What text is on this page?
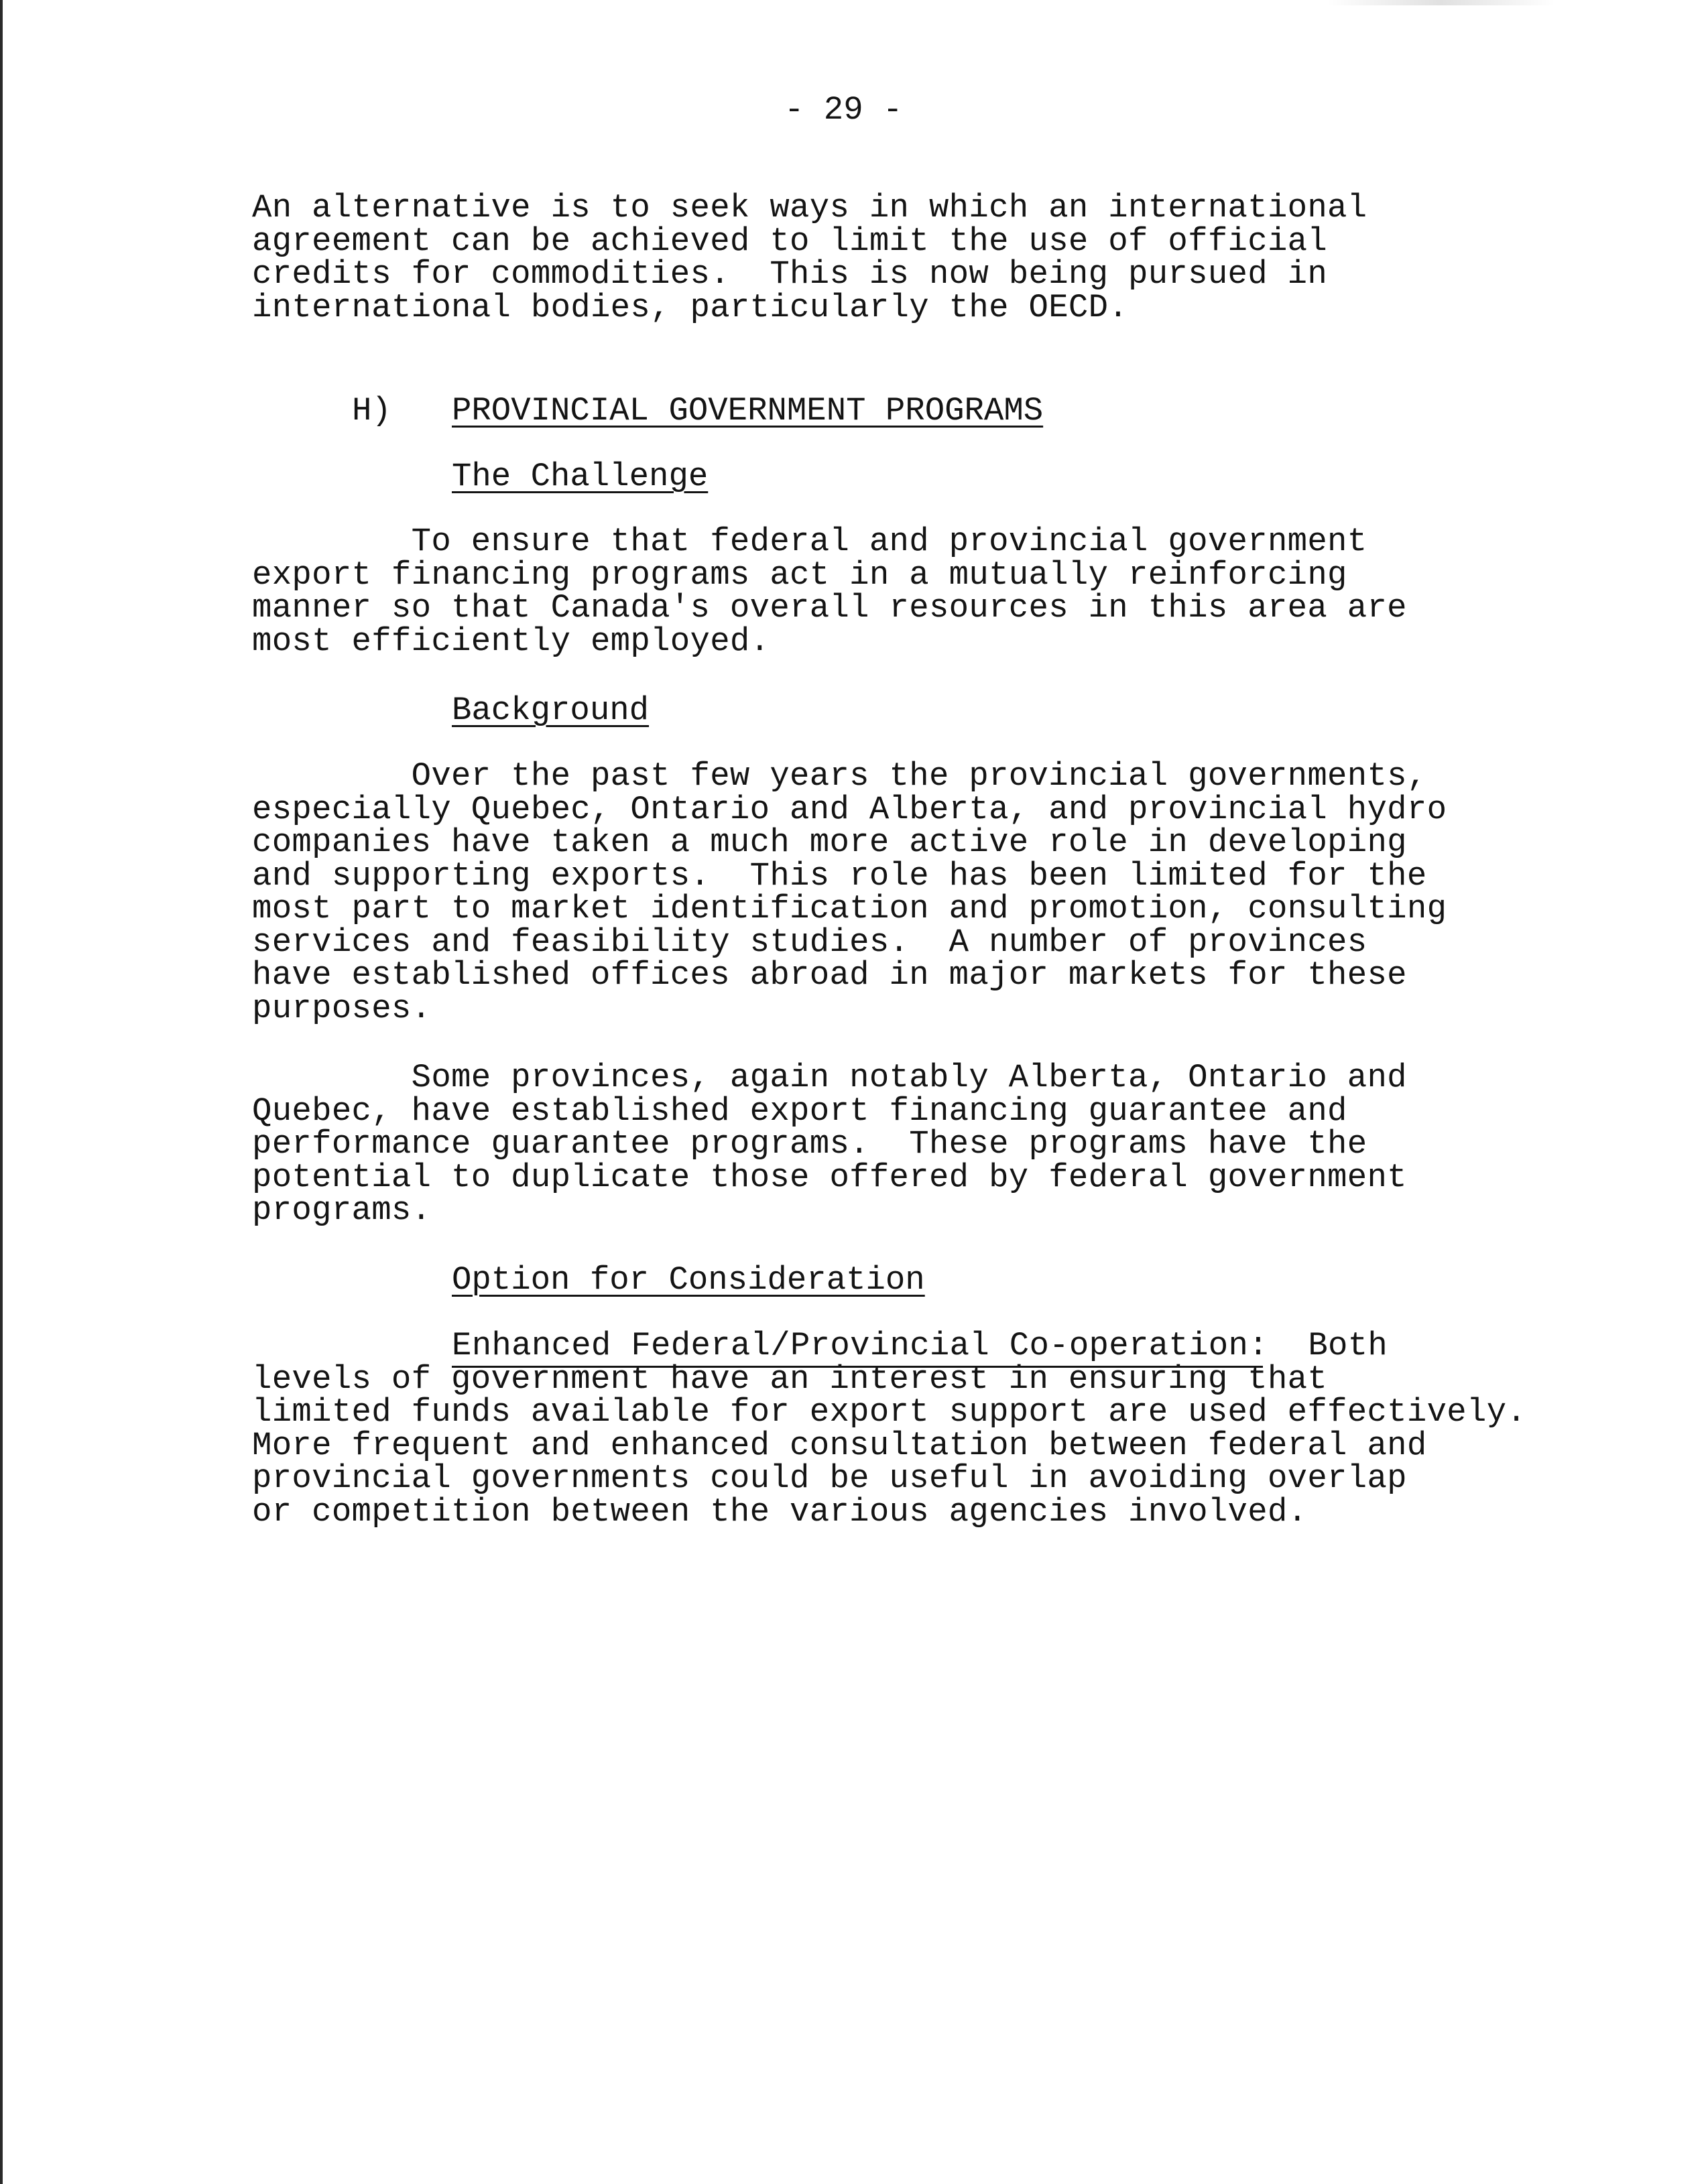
- 29 -
An alternative is to seek ways in which an international
agreement can be achieved to limit the use of official
credits for commodities.  This is now being pursued in
international bodies, particularly the OECD.
H) PROVINCIAL GOVERNMENT PROGRAMS
The Challenge
To ensure that federal and provincial government
export financing programs act in a mutually reinforcing
manner so that Canada's overall resources in this area are
most efficiently employed.
Background
Over the past few years the provincial governments,
especially Quebec, Ontario and Alberta, and provincial hydro
companies have taken a much more active role in developing
and supporting exports.  This role has been limited for the
most part to market identification and promotion, consulting
services and feasibility studies.  A number of provinces
have established offices abroad in major markets for these
purposes.
Some provinces, again notably Alberta, Ontario and
Quebec, have established export financing guarantee and
performance guarantee programs.  These programs have the
potential to duplicate those offered by federal government
programs.
Option for Consideration
Enhanced Federal/Provincial Co-operation:  Both
levels of government have an interest in ensuring that
limited funds available for export support are used effectively.
More frequent and enhanced consultation between federal and
provincial governments could be useful in avoiding overlap
or competition between the various agencies involved.
